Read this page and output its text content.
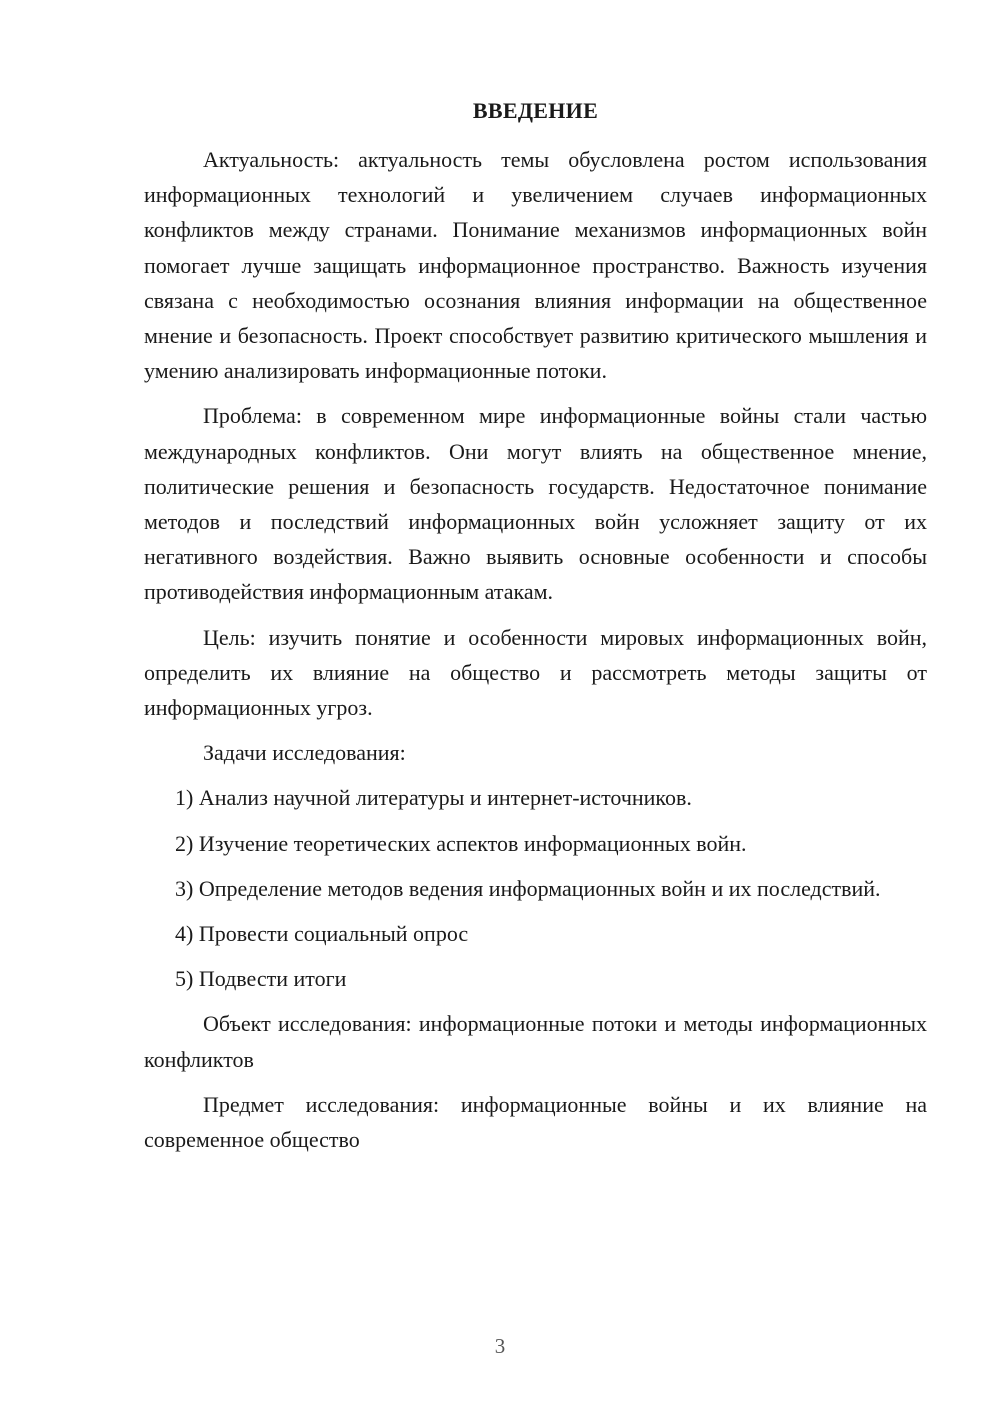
ВВЕДЕНИЕ

Актуальность: актуальность темы обусловлена ростом использования информационных технологий и увеличением случаев информационных конфликтов между странами. Понимание механизмов информационных войн помогает лучше защищать информационное пространство. Важность изучения связана с необходимостью осознания влияния информации на общественное мнение и безопасность. Проект способствует развитию критического мышления и умению анализировать информационные потоки.

Проблема: в современном мире информационные войны стали частью международных конфликтов. Они могут влиять на общественное мнение, политические решения и безопасность государств. Недостаточное понимание методов и последствий информационных войн усложняет защиту от их негативного воздействия. Важно выявить основные особенности и способы противодействия информационным атакам.

Цель: изучить понятие и особенности мировых информационных войн, определить их влияние на общество и рассмотреть методы защиты от информационных угроз.

Задачи исследования:

1) Анализ научной литературы и интернет-источников.

2) Изучение теоретических аспектов информационных войн.

3) Определение методов ведения информационных войн и их последствий.

4) Провести социальный опрос

5) Подвести итоги

Объект исследования: информационные потоки и методы информационных конфликтов

Предмет исследования: информационные войны и их влияние на современное общество

3
